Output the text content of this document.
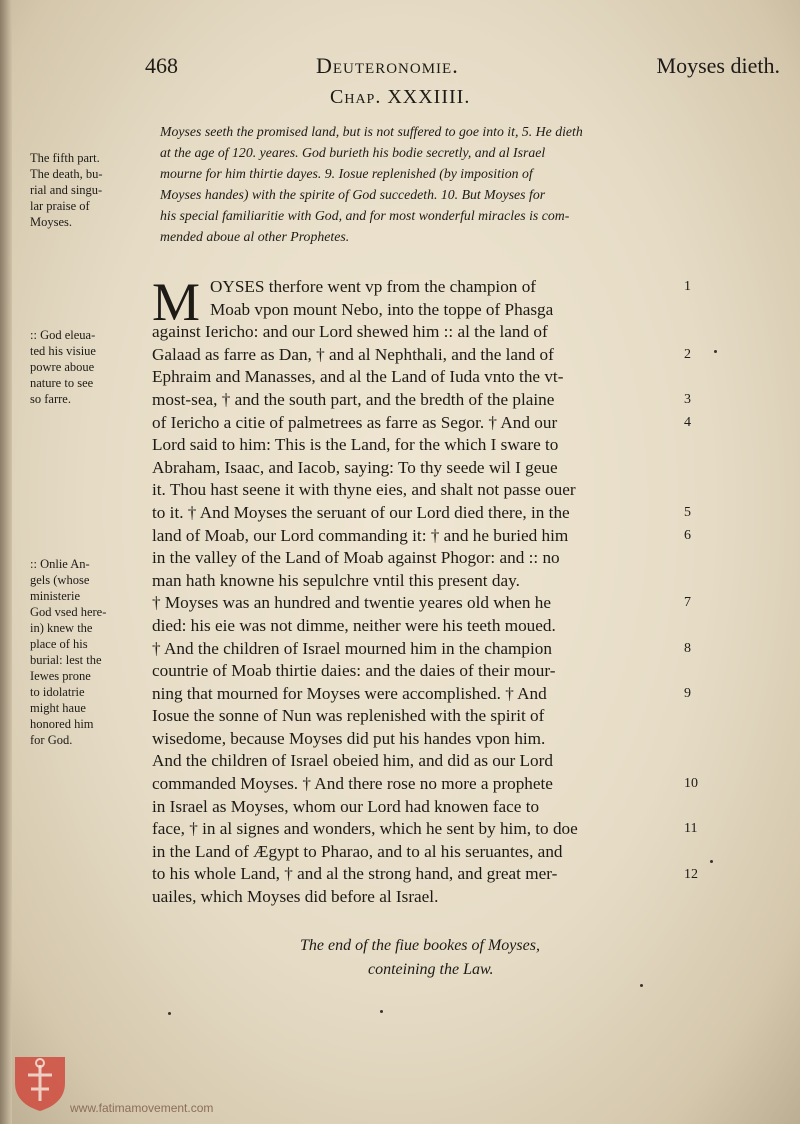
468	Deuteronomie.	Moyses dieth.
Chap. XXXIIII.
The fifth part.
The death, bu-
rial and singu-
lar praise of
Moyses.
:: God eleua-
ted his visiue
powre aboue
nature to see
so farre.
:: Onlie An-
gels (whose
ministerie
God vsed here-
in) knew the
place of his
burial: lest the
Iewes prone
to idolatrie
might haue
honored him
for God.
Moyses seeth the promised land, but is not suffered to goe into it, 5. He dieth
at the age of 120. yeares. God burieth his bodie secretly, and al Israel
mourne for him thirtie dayes. 9. Iosue replenished (by imposition of
Moyses handes) with the spirite of God succedeth. 10. But Moyses for
his special familiaritie with God, and for most wonderful miracles is com-
mended aboue al other Prophetes.
M OYSES therfore went vp from the champion of
Moab vpon mount Nebo, into the toppe of Phasga
against Iericho: and our Lord shewed him :: al the land of
Galaad as farre as Dan, † and al Nephthali, and the land of
Ephraim and Manasses, and al the Land of Iuda vnto the vt-
most-sea, † and the south part, and the bredth of the plaine
of Iericho a citie of palmetrees as farre as Segor. † And our
Lord said to him: This is the Land, for the which I sware to
Abraham, Isaac, and Iacob, saying: To thy seede wil I geue
it. Thou hast seene it with thyne eies, and shalt not passe ouer
to it. † And Moyses the seruant of our Lord died there, in the
land of Moab, our Lord commanding it: † and he buried him
in the valley of the Land of Moab against Phogor: and :: no
man hath knowne his sepulchre vntil this present day.
† Moyses was an hundred and twentie yeares old when he
died: his eie was not dimme, neither were his teeth moued.
† And the children of Israel mourned him in the champion
countrie of Moab thirtie daies: and the daies of their mour-
ning that mourned for Moyses were accomplished. † And
Iosue the sonne of Nun was replenished with the spirit of
wisedome, because Moyses did put his handes vpon him.
And the children of Israel obeied him, and did as our Lord
commanded Moyses. † And there rose no more a prophete
in Israel as Moyses, whom our Lord had knowen face to
face, † in al signes and wonders, which he sent by him, to doe
in the Land of Ægypt to Pharao, and to al his seruantes, and
to his whole Land, † and al the strong hand, and great mer-
uailes, which Moyses did before al Israel.
1
2
3
4
5
6
7
8
9
10
11
12
The end of the fiue bookes of Moyses,
conteining the Law.
www.fatimamovement.com
